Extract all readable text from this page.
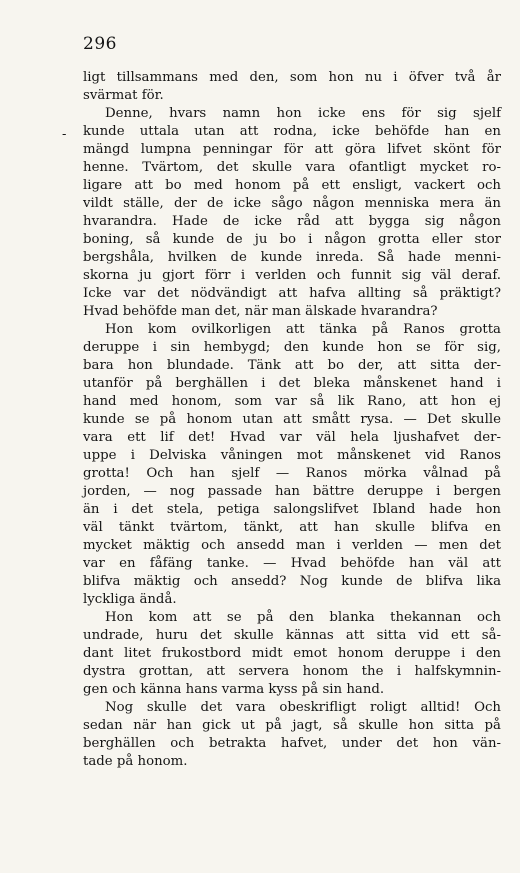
296
-
ligt tillsammans med den, som hon nu i öfver två år
svärmat för.
Denne, hvars namn hon icke ens för sig sjelf
kunde uttala utan att rodna, icke behöfde han en
mängd lumpna penningar för att göra lifvet skönt för
henne. Tvärtom, det skulle vara ofantligt mycket ro-
ligare att bo med honom på ett ensligt, vackert och
vildt ställe, der de icke sågo någon menniska mera än
hvarandra. Hade de icke råd att bygga sig någon
boning, så kunde de ju bo i någon grotta eller stor
bergshåla, hvilken de kunde inreda. Så hade menni-
skorna ju gjort förr i verlden och funnit sig väl deraf.
Icke var det nödvändigt att hafva allting så präktigt?
Hvad behöfde man det, när man älskade hvarandra?
Hon kom ovilkorligen att tänka på Ranos grotta
deruppe i sin hembygd; den kunde hon se för sig,
bara hon blundade. Tänk att bo der, att sitta der-
utanför på berghällen i det bleka månskenet hand i
hand med honom, som var så lik Rano, att hon ej
kunde se på honom utan att smått rysa. — Det skulle
vara ett lif det! Hvad var väl hela ljushafvet der-
uppe i Delviska våningen mot månskenet vid Ranos
grotta! Och han sjelf — Ranos mörka vålnad på
jorden, — nog passade han bättre deruppe i bergen
än i det stela, petiga salongslifvet Ibland hade hon
väl tänkt tvärtom, tänkt, att han skulle blifva en
mycket mäktig och ansedd man i verlden — men det
var en fåfäng tanke. — Hvad behöfde han väl att
blifva mäktig och ansedd? Nog kunde de blifva lika
lyckliga ändå.
Hon kom att se på den blanka thekannan och
undrade, huru det skulle kännas att sitta vid ett så-
dant litet frukostbord midt emot honom deruppe i den
dystra grottan, att servera honom the i halfskymnin-
gen och känna hans varma kyss på sin hand.
Nog skulle det vara obeskrifligt roligt alltid! Och
sedan när han gick ut på jagt, så skulle hon sitta på
berghällen och betrakta hafvet, under det hon vän-
tade på honom.
